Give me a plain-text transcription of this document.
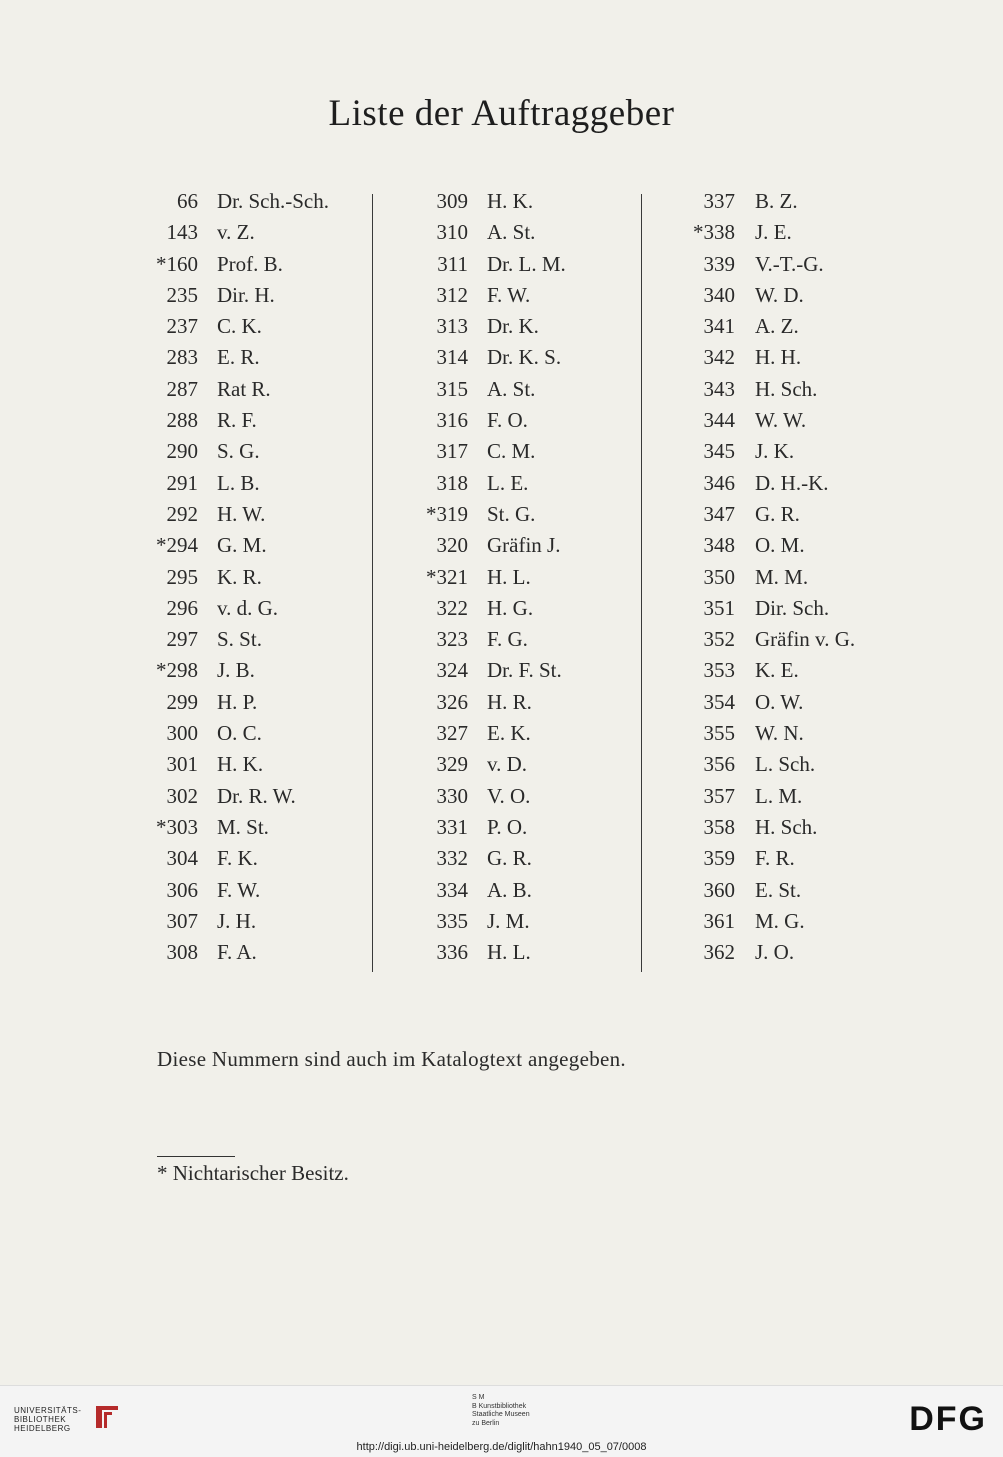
Liste der Auftraggeber
66 Dr. Sch.-Sch.
143 v. Z.
*160 Prof. B.
235 Dir. H.
237 C. K.
283 E. R.
287 Rat R.
288 R. F.
290 S. G.
291 L. B.
292 H. W.
*294 G. M.
295 K. R.
296 v. d. G.
297 S. St.
*298 J. B.
299 H. P.
300 O. C.
301 H. K.
302 Dr. R. W.
*303 M. St.
304 F. K.
306 F. W.
307 J. H.
308 F. A.
309 H. K.
310 A. St.
311 Dr. L. M.
312 F. W.
313 Dr. K.
314 Dr. K. S.
315 A. St.
316 F. O.
317 C. M.
318 L. E.
*319 St. G.
320 Gräfin J.
*321 H. L.
322 H. G.
323 F. G.
324 Dr. F. St.
326 H. R.
327 E. K.
329 v. D.
330 V. O.
331 P. O.
332 G. R.
334 A. B.
335 J. M.
336 H. L.
337 B. Z.
*338 J. E.
339 V.-T.-G.
340 W. D.
341 A. Z.
342 H. H.
343 H. Sch.
344 W. W.
345 J. K.
346 D. H.-K.
347 G. R.
348 O. M.
350 M. M.
351 Dir. Sch.
352 Gräfin v. G.
353 K. E.
354 O. W.
355 W. N.
356 L. Sch.
357 L. M.
358 H. Sch.
359 F. R.
360 E. St.
361 M. G.
362 J. O.
Diese Nummern sind auch im Katalogtext angegeben.
* Nichtarischer Besitz.
UNIVERSITÄTS-
BIBLIOTHEK
HEIDELBERG
S M
B Kunstbibliothek
Staatliche Museen
zu Berlin	DFG
http://digi.ub.uni-heidelberg.de/diglit/hahn1940_05_07/0008
